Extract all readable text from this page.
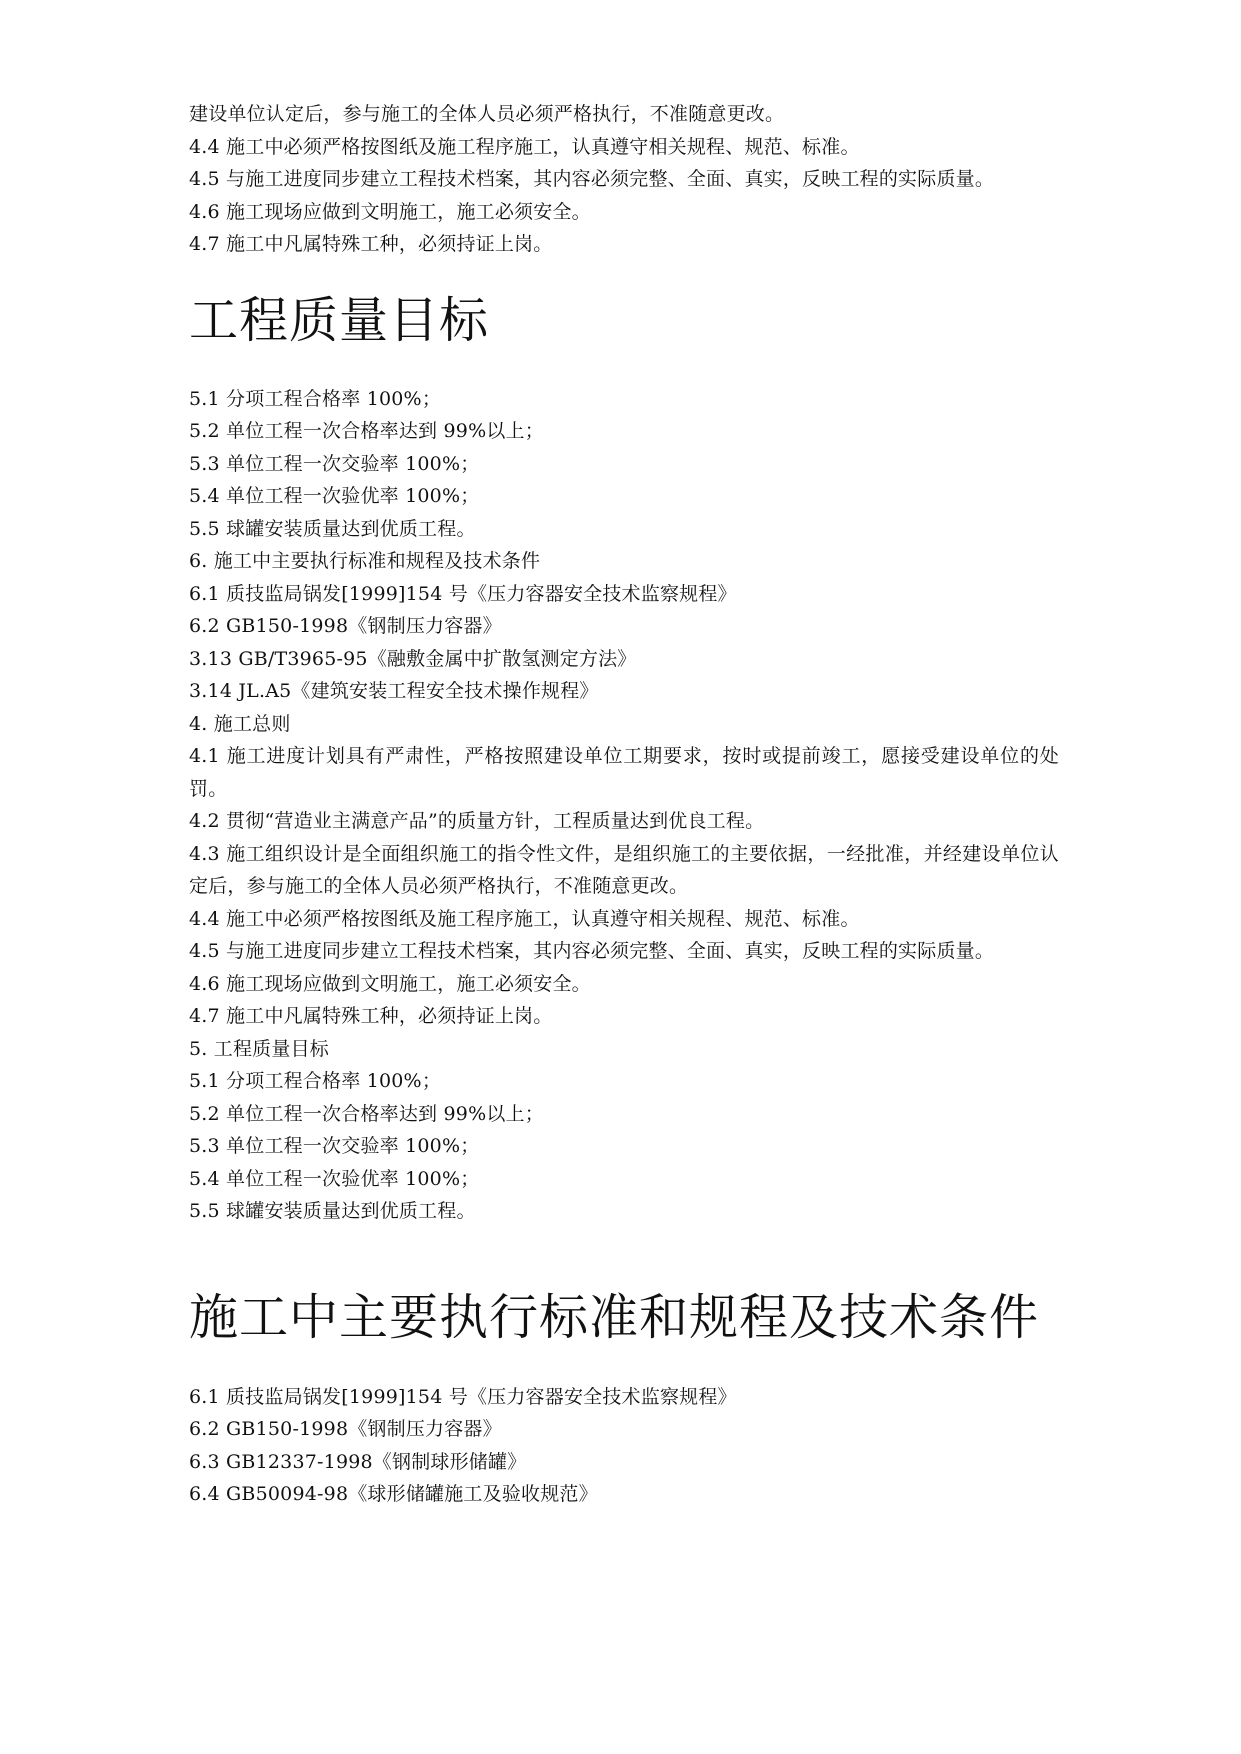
建设单位认定后，参与施工的全体人员必须严格执行，不准随意更改。
4.4 施工中必须严格按图纸及施工程序施工，认真遵守相关规程、规范、标准。
4.5 与施工进度同步建立工程技术档案，其内容必须完整、全面、真实，反映工程的实际质量。
4.6 施工现场应做到文明施工，施工必须安全。
4.7 施工中凡属特殊工种，必须持证上岗。
工程质量目标
5.1 分项工程合格率 100%；
5.2 单位工程一次合格率达到 99%以上；
5.3 单位工程一次交验率 100%；
5.4 单位工程一次验优率 100%；
5.5 球罐安装质量达到优质工程。
6. 施工中主要执行标准和规程及技术条件
6.1 质技监局锅发[1999]154 号《压力容器安全技术监察规程》
6.2 GB150-1998《钢制压力容器》
3.13 GB/T3965-95《融敷金属中扩散氢测定方法》
3.14 JL.A5《建筑安装工程安全技术操作规程》
4. 施工总则
4.1 施工进度计划具有严肃性，严格按照建设单位工期要求，按时或提前竣工，愿接受建设单位的处罚。
4.2 贯彻“营造业主满意产品”的质量方针，工程质量达到优良工程。
4.3 施工组织设计是全面组织施工的指令性文件，是组织施工的主要依据，一经批准，并经建设单位认定后，参与施工的全体人员必须严格执行，不准随意更改。
4.4 施工中必须严格按图纸及施工程序施工，认真遵守相关规程、规范、标准。
4.5 与施工进度同步建立工程技术档案，其内容必须完整、全面、真实，反映工程的实际质量。
4.6 施工现场应做到文明施工，施工必须安全。
4.7 施工中凡属特殊工种，必须持证上岗。
5. 工程质量目标
5.1 分项工程合格率 100%；
5.2 单位工程一次合格率达到 99%以上；
5.3 单位工程一次交验率 100%；
5.4 单位工程一次验优率 100%；
5.5 球罐安装质量达到优质工程。
施工中主要执行标准和规程及技术条件
6.1 质技监局锅发[1999]154 号《压力容器安全技术监察规程》
6.2 GB150-1998《钢制压力容器》
6.3 GB12337-1998《钢制球形储罐》
6.4 GB50094-98《球形储罐施工及验收规范》
